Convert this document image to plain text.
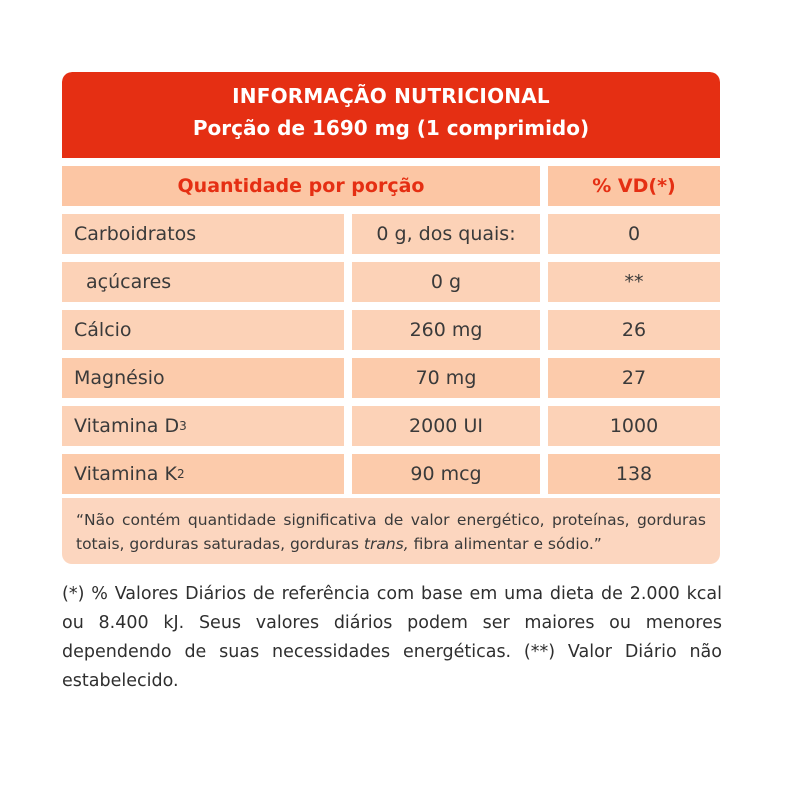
INFORMAÇÃO NUTRICIONAL
Porção de 1690 mg (1 comprimido)
Quantidade por porção	% VD(*)
Carboidratos	0 g, dos quais:	0
açúcares	0 g	**
Cálcio	260 mg	26
Magnésio	70 mg	27
Vitamina D 3	2000 UI	1000
Vitamina K 2	90 mcg	138
“Não contém quantidade significativa de valor energético, proteínas, gorduras totais, gorduras saturadas, gorduras trans, fibra alimentar e sódio.”

(*) % Valores Diários de referência com base em uma dieta de 2.000 kcal ou 8.400 kJ. Seus valores diários podem ser maiores ou menores dependendo de suas necessidades energéticas. (**) Valor Diário não estabelecido.
